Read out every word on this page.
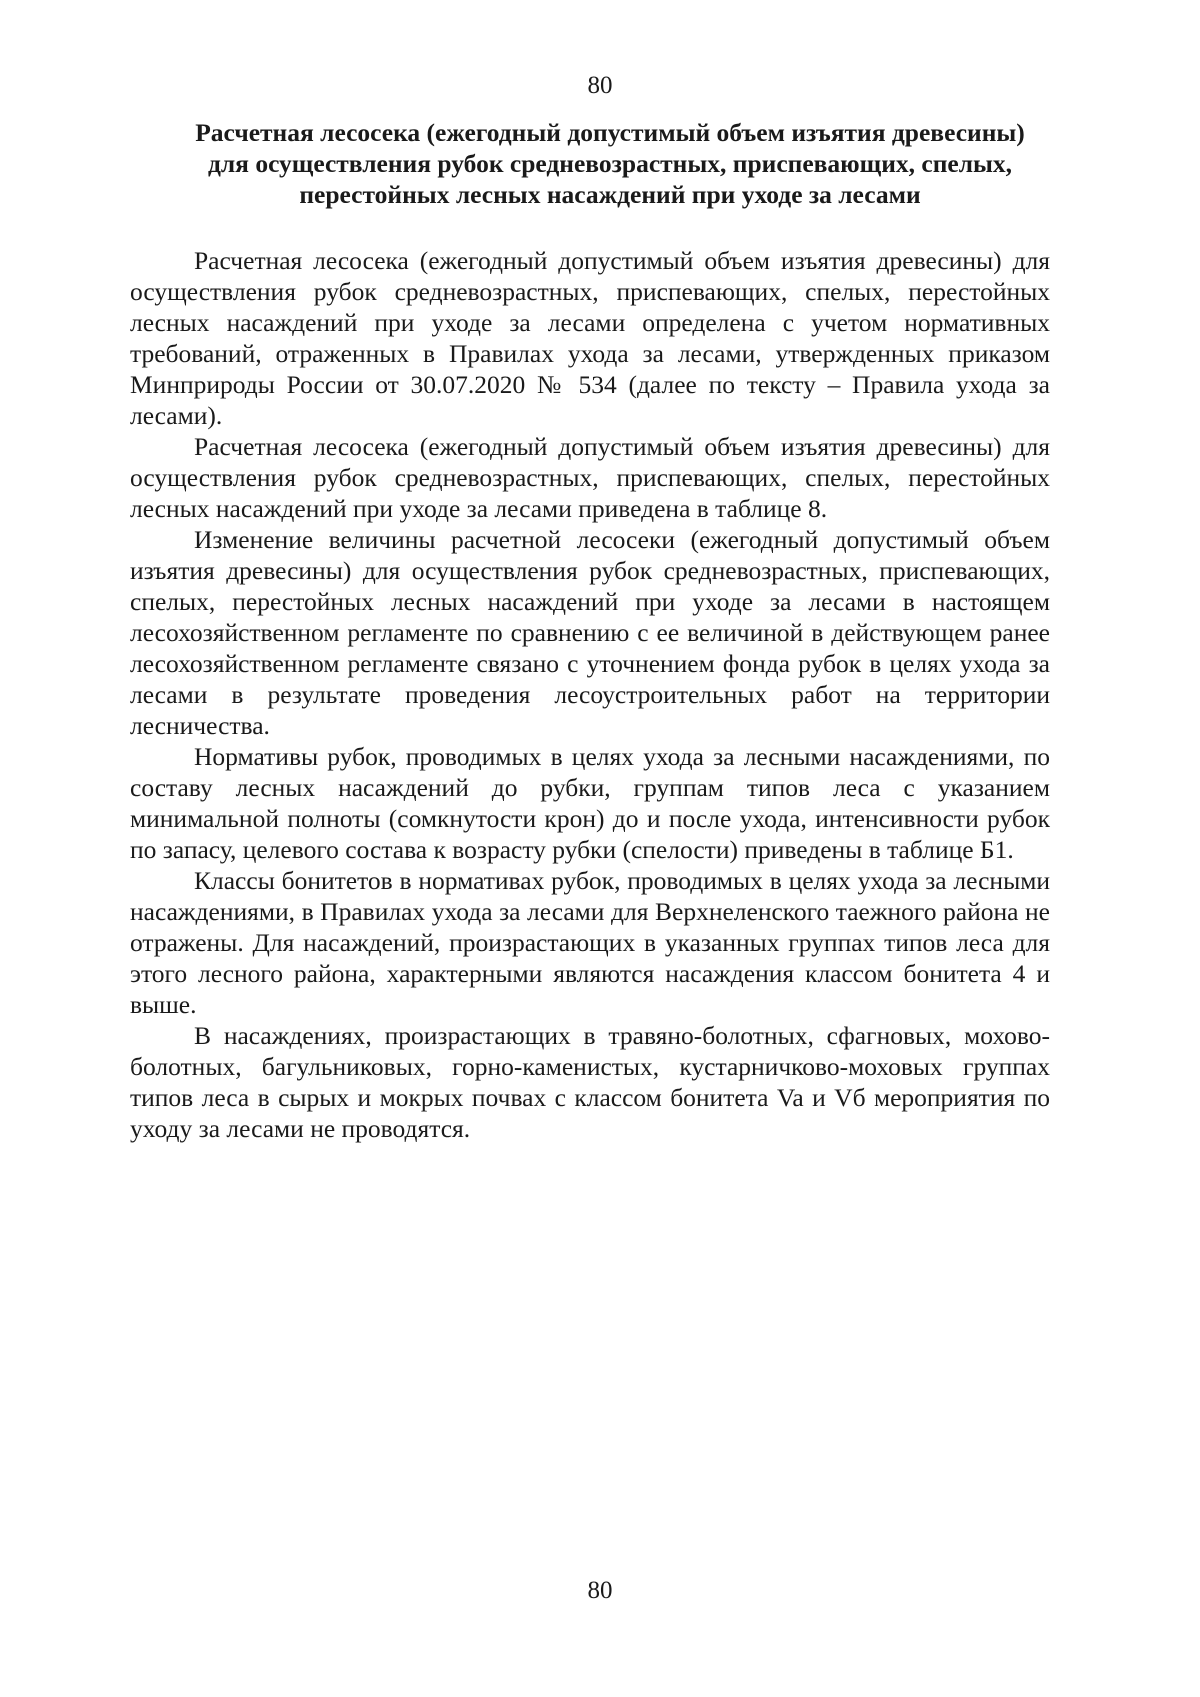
80
Расчетная лесосека (ежегодный допустимый объем изъятия древесины)
для осуществления рубок средневозрастных, приспевающих, спелых,
перестойных лесных насаждений при уходе за лесами

Расчетная лесосека (ежегодный допустимый объем изъятия древесины) для осуществления рубок средневозрастных, приспевающих, спелых, перестойных лесных насаждений при уходе за лесами определена с учетом нормативных требований, отраженных в Правилах ухода за лесами, утвержденных приказом Минприроды России от 30.07.2020 № 534 (далее по тексту – Правила ухода за лесами).

Расчетная лесосека (ежегодный допустимый объем изъятия древесины) для осуществления рубок средневозрастных, приспевающих, спелых, перестойных лесных насаждений при уходе за лесами приведена в таблице 8.

Изменение величины расчетной лесосеки (ежегодный допустимый объем изъятия древесины) для осуществления рубок средневозрастных, приспевающих, спелых, перестойных лесных насаждений при уходе за лесами в настоящем лесохозяйственном регламенте по сравнению с ее величиной в действующем ранее лесохозяйственном регламенте связано с уточнением фонда рубок в целях ухода за лесами в результате проведения лесоустроительных работ на территории лесничества.

Нормативы рубок, проводимых в целях ухода за лесными насаждениями, по составу лесных насаждений до рубки, группам типов леса с указанием минимальной полноты (сомкнутости крон) до и после ухода, интенсивности рубок по запасу, целевого состава к возрасту рубки (спелости) приведены в таблице Б1.

Классы бонитетов в нормативах рубок, проводимых в целях ухода за лесными насаждениями, в Правилах ухода за лесами для Верхнеленского таежного района не отражены. Для насаждений, произрастающих в указанных группах типов леса для этого лесного района, характерными являются насаждения классом бонитета 4 и выше.

В насаждениях, произрастающих в травяно-болотных, сфагновых, мохово-болотных, багульниковых, горно-каменистых, кустарничково-моховых группах типов леса в сырых и мокрых почвах с классом бонитета Va и Vб мероприятия по уходу за лесами не проводятся.

80
